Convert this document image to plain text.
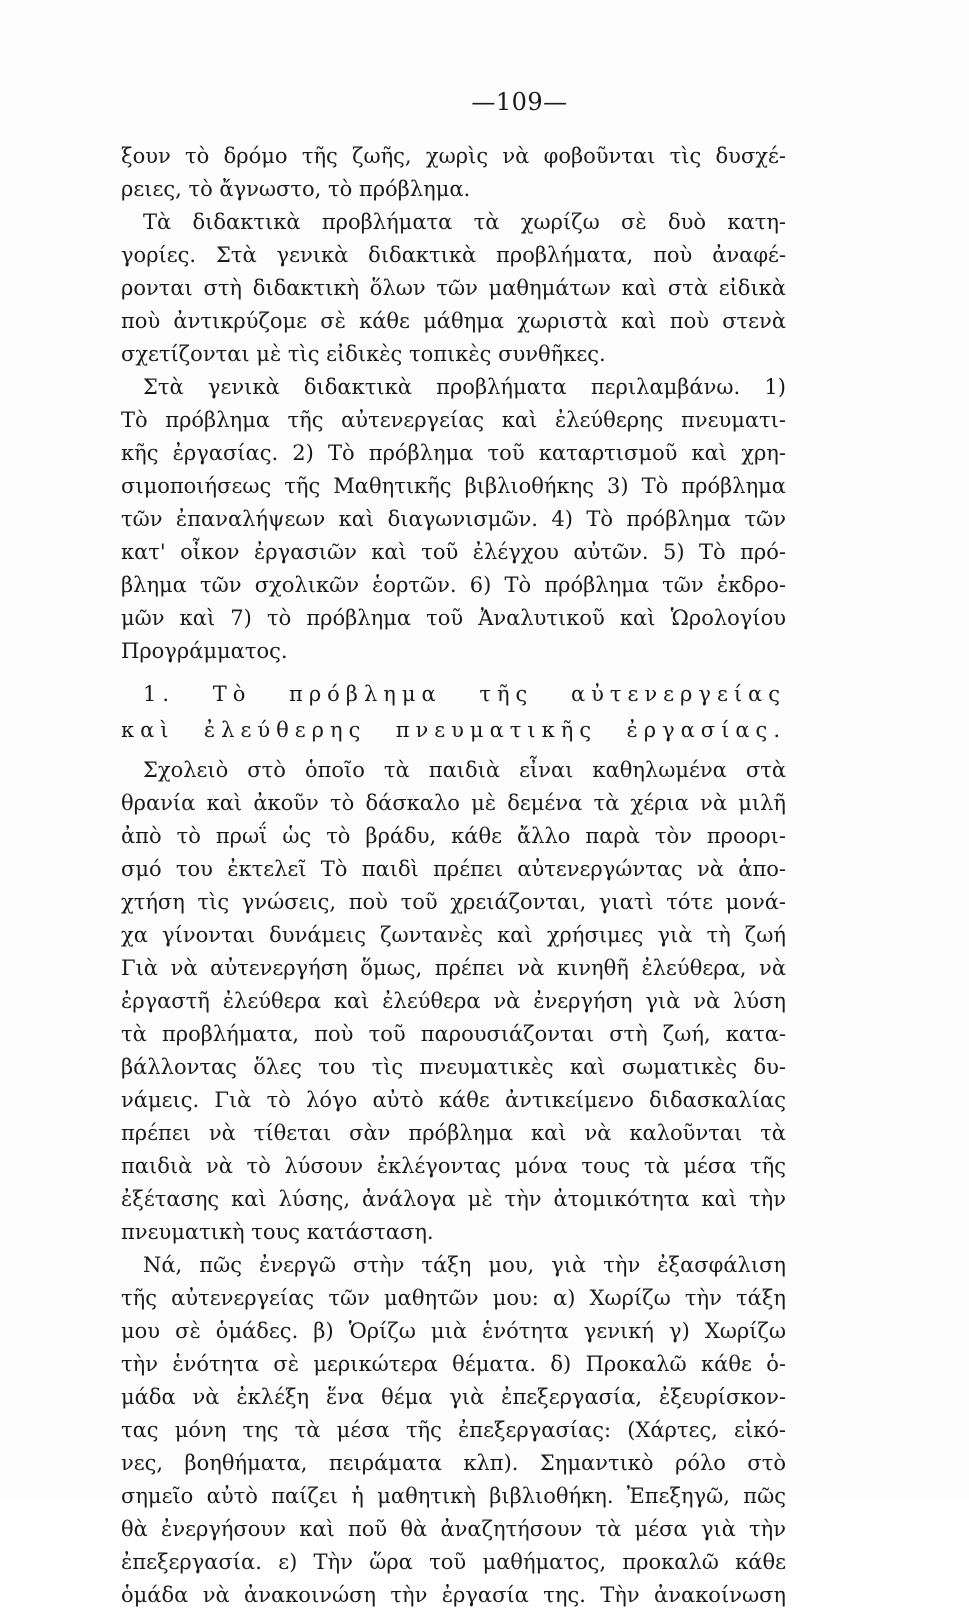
—109—
ξουν τὸ δρόμο τῆς ζωῆς, χωρὶς νὰ φοβοῦνται τὶς δυσχέ-
ρειες, τὸ ἄγνωστο, τὸ πρόβλημα.
Τὰ διδακτικὰ προβλήματα τὰ χωρίζω σὲ δυὸ κατη-
γορίες. Στὰ γενικὰ διδακτικὰ προβλήματα, ποὺ ἀναφέ-
ρονται στὴ διδακτικὴ ὅλων τῶν μαθημάτων καὶ στὰ εἰδικὰ
ποὺ ἀντικρύζομε σὲ κάθε μάθημα χωριστὰ καὶ ποὺ στενὰ
σχετίζονται μὲ τὶς εἰδικὲς τοπικὲς συνθῆκες.
Στὰ γενικὰ διδακτικὰ προβλήματα περιλαμβάνω. 1)
Τὸ πρόβλημα τῆς αὐτενεργείας καὶ ἐλεύθερης πνευματι-
κῆς ἐργασίας. 2) Τὸ πρόβλημα τοῦ καταρτισμοῦ καὶ χρη-
σιμοποιήσεως τῆς Μαθητικῆς βιβλιοθήκης 3) Τὸ πρόβλημα
τῶν ἐπαναλήψεων καὶ διαγωνισμῶν. 4) Τὸ πρόβλημα τῶν
κατ' οἶκον ἐργασιῶν καὶ τοῦ ἐλέγχου αὐτῶν. 5) Τὸ πρό-
βλημα τῶν σχολικῶν ἑορτῶν. 6) Τὸ πρόβλημα τῶν ἐκδρο-
μῶν καὶ 7) τὸ πρόβλημα τοῦ Ἀναλυτικοῦ καὶ Ὡρολογίου
Προγράμματος.
1. Τὸ πρόβλημα τῆς αὐτενεργείας
καὶ ἐλεύθερης πνευματικῆς ἐργασίας.
Σχολειὸ στὸ ὁποῖο τὰ παιδιὰ εἶναι καθηλωμένα στὰ
θρανία καὶ ἀκοῦν τὸ δάσκαλο μὲ δεμένα τὰ χέρια νὰ μιλῆ
ἀπὸ τὸ πρωΐ ὡς τὸ βράδυ, κάθε ἄλλο παρὰ τὸν προορι-
σμό του ἐκτελεῖ Τὸ παιδὶ πρέπει αὐτενεργώντας νὰ ἀπο-
χτήση τὶς γνώσεις, ποὺ τοῦ χρειάζονται, γιατὶ τότε μονά-
χα γίνονται δυνάμεις ζωντανὲς καὶ χρήσιμες γιὰ τὴ ζωή
Γιὰ νὰ αὐτενεργήση ὅμως, πρέπει νὰ κινηθῆ ἐλεύθερα, νὰ
ἐργαστῆ ἐλεύθερα καὶ ἐλεύθερα νὰ ἐνεργήση γιὰ νὰ λύση
τὰ προβλήματα, ποὺ τοῦ παρουσιάζονται στὴ ζωή, κατα-
βάλλοντας ὅλες του τὶς πνευματικὲς καὶ σωματικὲς δυ-
νάμεις. Γιὰ τὸ λόγο αὐτὸ κάθε ἀντικείμενο διδασκαλίας
πρέπει νὰ τίθεται σὰν πρόβλημα καὶ νὰ καλοῦνται τὰ
παιδιὰ νὰ τὸ λύσουν ἐκλέγοντας μόνα τους τὰ μέσα τῆς
ἐξέτασης καὶ λύσης, ἀνάλογα μὲ τὴν ἀτομικότητα καὶ τὴν
πνευματικὴ τους κατάσταση.
Νά, πῶς ἐνεργῶ στὴν τάξη μου, γιὰ τὴν ἐξασφάλιση
τῆς αὐτενεργείας τῶν μαθητῶν μου: α) Χωρίζω τὴν τάξη
μου σὲ ὁμάδες. β) Ὁρίζω μιὰ ἑνότητα γενική γ) Χωρίζω
τὴν ἑνότητα σὲ μερικώτερα θέματα. δ) Προκαλῶ κάθε ὁ-
μάδα νὰ ἐκλέξη ἕνα θέμα γιὰ ἐπεξεργασία, ἐξευρίσκον-
τας μόνη της τὰ μέσα τῆς ἐπεξεργασίας: (Χάρτες, εἰκό-
νες, βοηθήματα, πειράματα κλπ). Σημαντικὸ ρόλο στὸ
σημεῖο αὐτὸ παίζει ἡ μαθητικὴ βιβλιοθήκη. Ἐπεξηγῶ, πῶς
θὰ ἐνεργήσουν καὶ ποῦ θὰ ἀναζητήσουν τὰ μέσα γιὰ τὴν
ἐπεξεργασία. ε) Τὴν ὥρα τοῦ μαθήματος, προκαλῶ κάθε
ὁμάδα νὰ ἀνακοινώση τὴν ἐργασία της. Τὴν ἀνακοίνωση
